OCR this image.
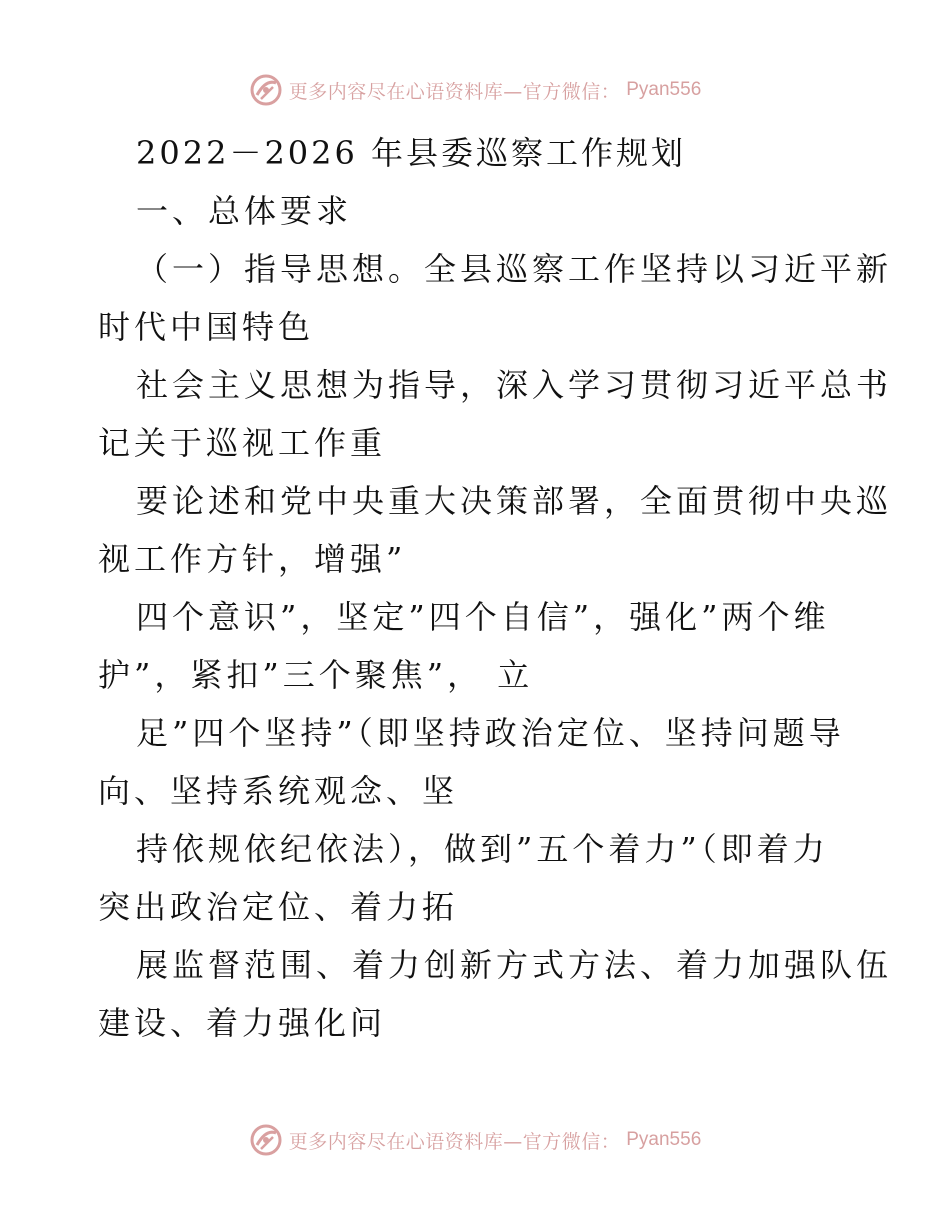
更多内容尽在心语资料库—官方微信： Pyan556
2022－2026 年县委巡察工作规划
一、总体要求
（一）指导思想。全县巡察工作坚持以习近平新
时代中国特色
社会主义思想为指导，深入学习贯彻习近平总书
记关于巡视工作重
要论述和党中央重大决策部署，全面贯彻中央巡
视工作方针，增强”
四个意识”，坚定”四个自信”，强化”两个维
护”，紧扣”三个聚焦”， 立
足”四个坚持”（即坚持政治定位、坚持问题导
向、坚持系统观念、坚
持依规依纪依法），做到”五个着力”（即着力
突出政治定位、着力拓
展监督范围、着力创新方式方法、着力加强队伍
建设、着力强化问
更多内容尽在心语资料库—官方微信： Pyan556
